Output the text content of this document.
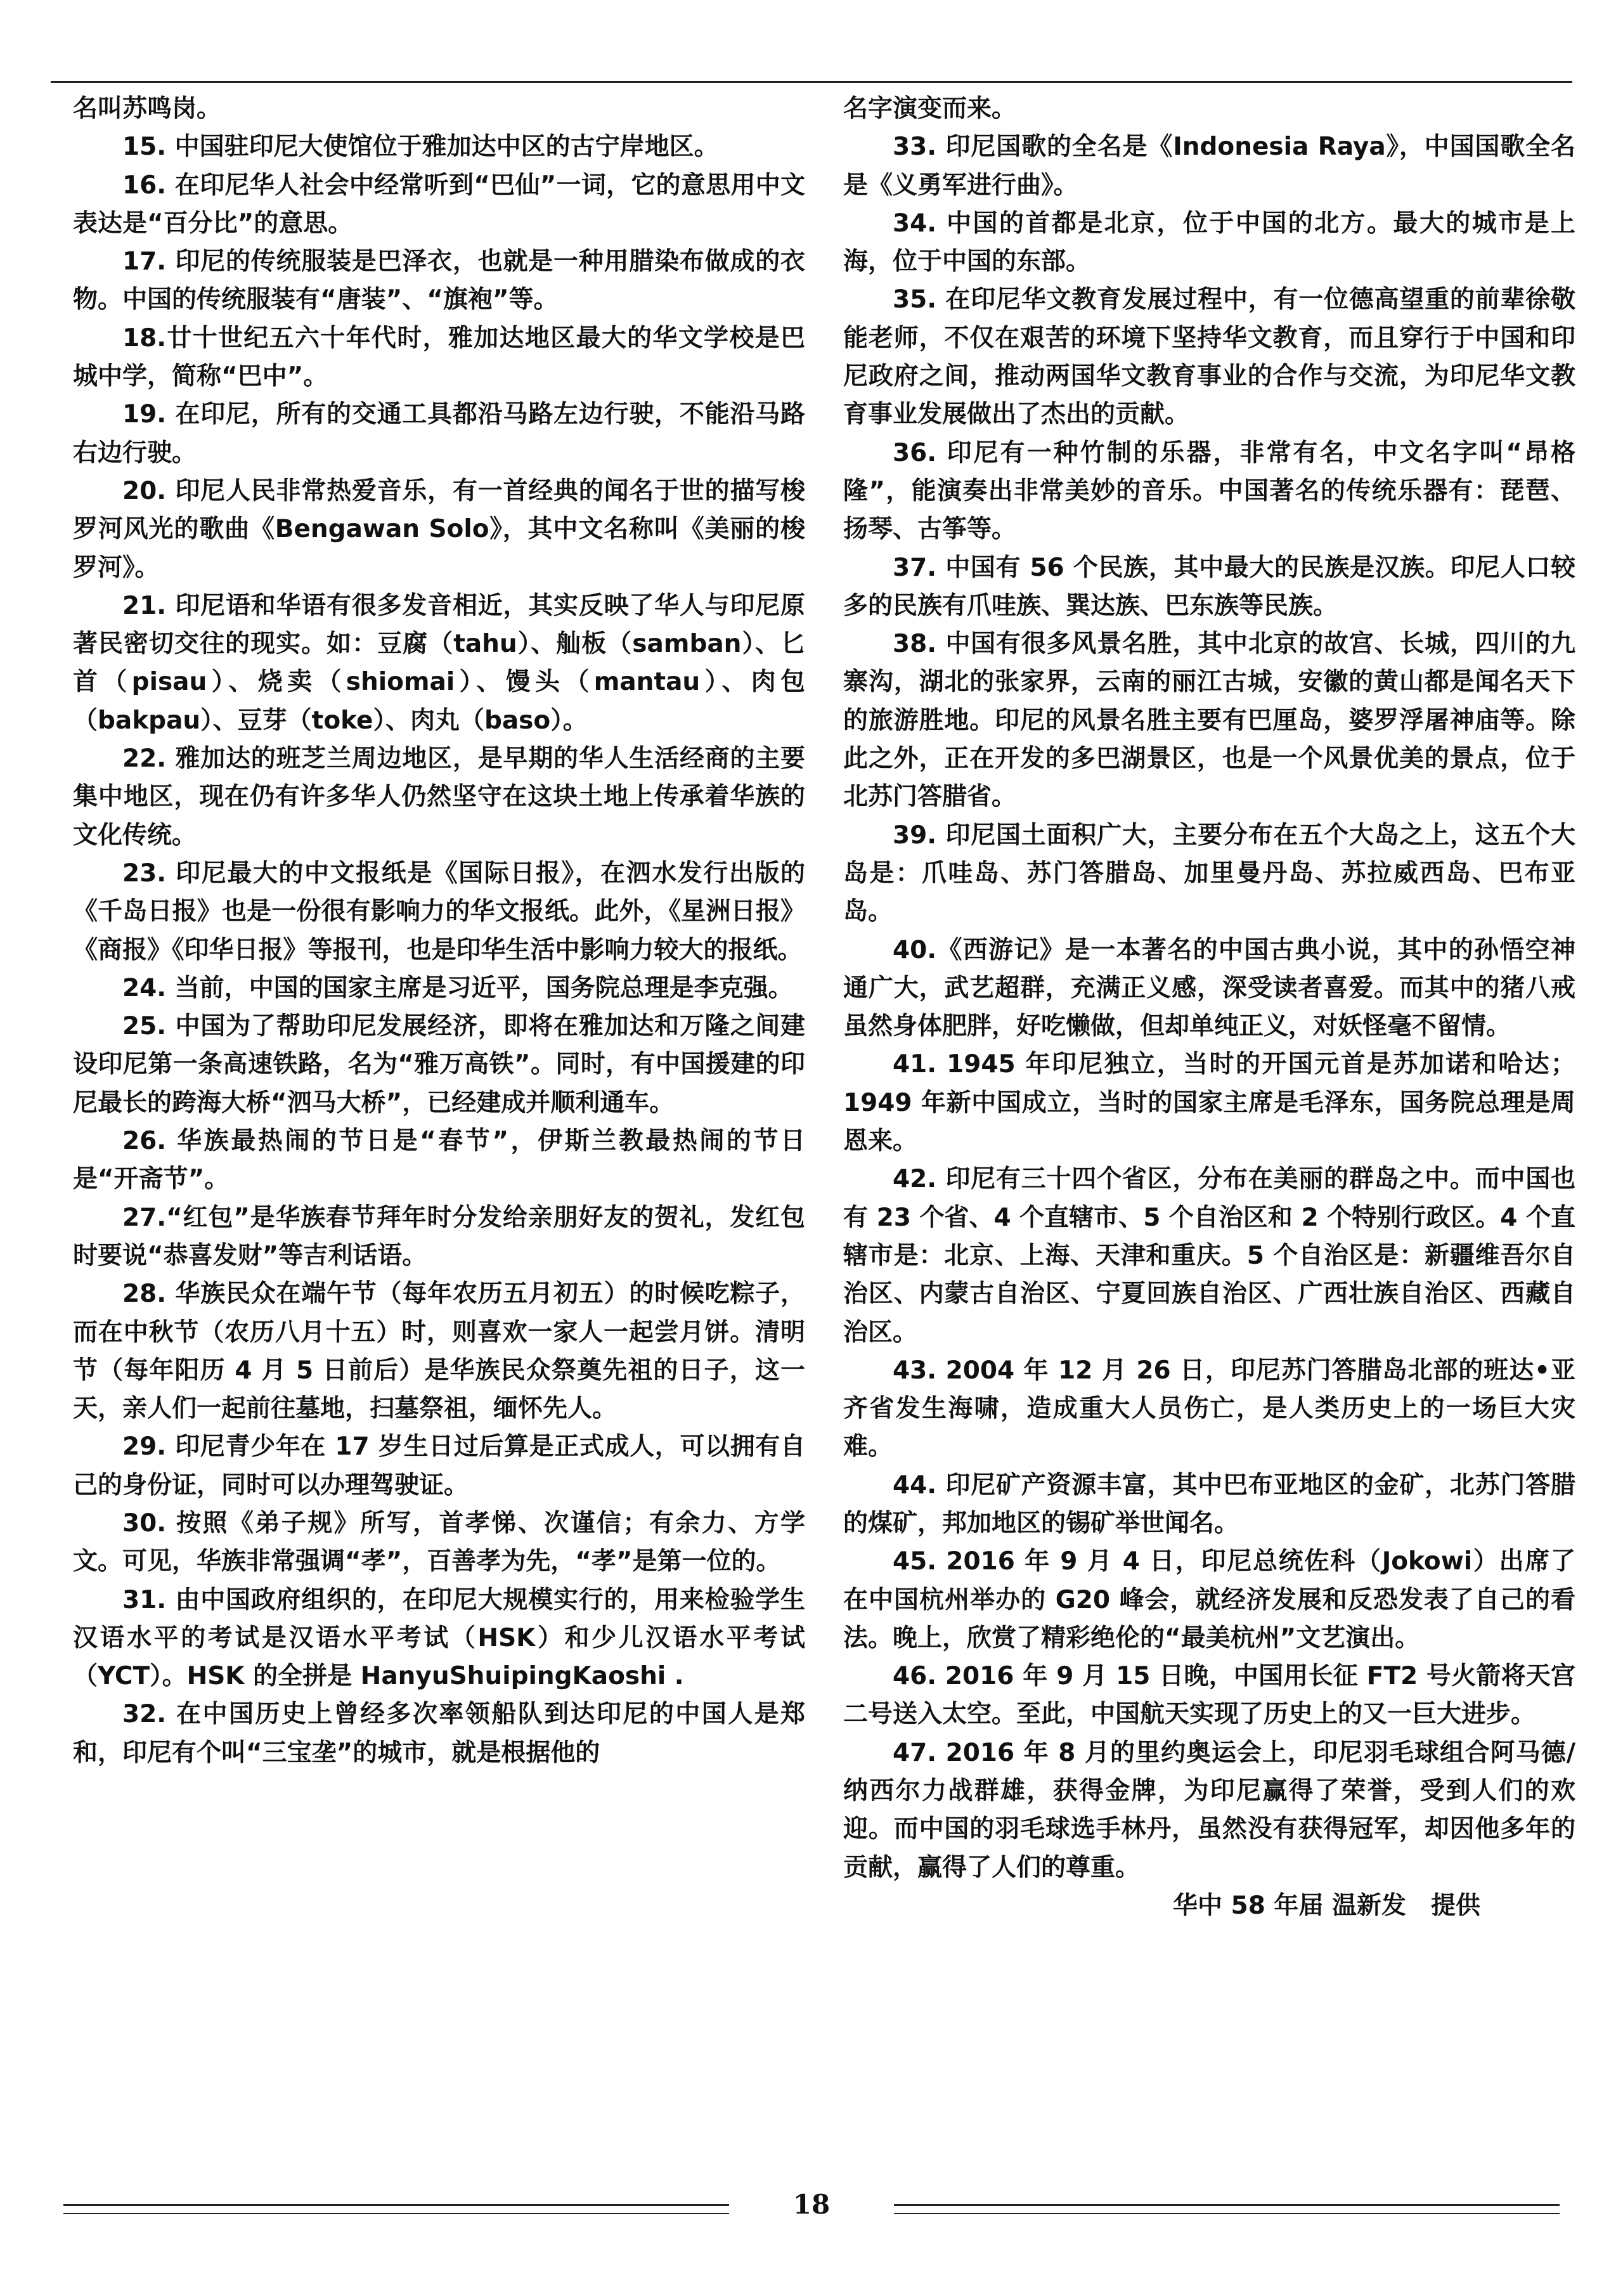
名叫苏鸣岗。

15. 中国驻印尼大使馆位于雅加达中区的古宁岸地区。

16. 在印尼华人社会中经常听到“巴仙”一词，它的意思用中文表达是“百分比”的意思。

17. 印尼的传统服装是巴泽衣，也就是一种用腊染布做成的衣物。中国的传统服装有“唐装”、“旗袍”等。

18.廿十世纪五六十年代时，雅加达地区最大的华文学校是巴城中学，简称“巴中”。

19. 在印尼，所有的交通工具都沿马路左边行驶，不能沿马路右边行驶。

20. 印尼人民非常热爱音乐，有一首经典的闻名于世的描写梭罗河风光的歌曲《Bengawan Solo》，其中文名称叫《美丽的梭罗河》。

21. 印尼语和华语有很多发音相近，其实反映了华人与印尼原著民密切交往的现实。如：豆腐（tahu）、舢板（samban）、匕首（pisau）、烧卖（shiomai）、馒头（mantau）、肉包（bakpau）、豆芽（toke）、肉丸（baso）。

22. 雅加达的班芝兰周边地区，是早期的华人生活经商的主要集中地区，现在仍有许多华人仍然坚守在这块土地上传承着华族的文化传统。

23. 印尼最大的中文报纸是《国际日报》，在泗水发行出版的《千岛日报》也是一份很有影响力的华文报纸。此外，《星洲日报》《商报》《印华日报》等报刊，也是印华生活中影响力较大的报纸。

24. 当前，中国的国家主席是习近平，国务院总理是李克强。

25. 中国为了帮助印尼发展经济，即将在雅加达和万隆之间建设印尼第一条高速铁路，名为“雅万高铁”。同时，有中国援建的印尼最长的跨海大桥“泗马大桥”，已经建成并顺利通车。

26. 华族最热闹的节日是“春节”，伊斯兰教最热闹的节日是“开斋节”。

27.“红包”是华族春节拜年时分发给亲朋好友的贺礼，发红包时要说“恭喜发财”等吉利话语。

28. 华族民众在端午节（每年农历五月初五）的时候吃粽子，而在中秋节（农历八月十五）时，则喜欢一家人一起尝月饼。清明节（每年阳历 4 月 5 日前后）是华族民众祭奠先祖的日子，这一天，亲人们一起前往墓地，扫墓祭祖，缅怀先人。

29. 印尼青少年在 17 岁生日过后算是正式成人，可以拥有自己的身份证，同时可以办理驾驶证。

30. 按照《弟子规》所写，首孝悌、次谨信；有余力、方学文。可见，华族非常强调“孝”，百善孝为先，“孝”是第一位的。

31. 由中国政府组织的，在印尼大规模实行的，用来检验学生汉语水平的考试是汉语水平考试（HSK）和少儿汉语水平考试（YCT）。HSK 的全拼是 HanyuShuipingKaoshi .

32. 在中国历史上曾经多次率领船队到达印尼的中国人是郑和，印尼有个叫“三宝垄”的城市，就是根据他的

名字演变而来。

33. 印尼国歌的全名是《Indonesia Raya》，中国国歌全名是《义勇军进行曲》。

34. 中国的首都是北京，位于中国的北方。最大的城市是上海，位于中国的东部。

35. 在印尼华文教育发展过程中，有一位德高望重的前辈徐敬能老师，不仅在艰苦的环境下坚持华文教育，而且穿行于中国和印尼政府之间，推动两国华文教育事业的合作与交流，为印尼华文教育事业发展做出了杰出的贡献。

36. 印尼有一种竹制的乐器，非常有名，中文名字叫“昂格隆”，能演奏出非常美妙的音乐。中国著名的传统乐器有：琵琶、扬琴、古筝等。

37. 中国有 56 个民族，其中最大的民族是汉族。印尼人口较多的民族有爪哇族、巽达族、巴东族等民族。

38. 中国有很多风景名胜，其中北京的故宫、长城，四川的九寨沟，湖北的张家界，云南的丽江古城，安徽的黄山都是闻名天下的旅游胜地。印尼的风景名胜主要有巴厘岛，婆罗浮屠神庙等。除此之外，正在开发的多巴湖景区，也是一个风景优美的景点，位于北苏门答腊省。

39. 印尼国土面积广大，主要分布在五个大岛之上，这五个大岛是：爪哇岛、苏门答腊岛、加里曼丹岛、苏拉威西岛、巴布亚岛。

40.《西游记》是一本著名的中国古典小说，其中的孙悟空神通广大，武艺超群，充满正义感，深受读者喜爱。而其中的猪八戒虽然身体肥胖，好吃懒做，但却单纯正义，对妖怪毫不留情。

41. 1945 年印尼独立，当时的开国元首是苏加诺和哈达；1949 年新中国成立，当时的国家主席是毛泽东，国务院总理是周恩来。

42. 印尼有三十四个省区，分布在美丽的群岛之中。而中国也有 23 个省、4 个直辖市、5 个自治区和 2 个特别行政区。4 个直辖市是：北京、上海、天津和重庆。5 个自治区是：新疆维吾尔自治区、内蒙古自治区、宁夏回族自治区、广西壮族自治区、西藏自治区。

43. 2004 年 12 月 26 日，印尼苏门答腊岛北部的班达•亚齐省发生海啸，造成重大人员伤亡，是人类历史上的一场巨大灾难。

44. 印尼矿产资源丰富，其中巴布亚地区的金矿，北苏门答腊的煤矿，邦加地区的锡矿举世闻名。

45. 2016 年 9 月 4 日，印尼总统佐科（Jokowi）出席了在中国杭州举办的 G20 峰会，就经济发展和反恐发表了自己的看法。晚上，欣赏了精彩绝伦的“最美杭州”文艺演出。

46. 2016 年 9 月 15 日晚，中国用长征 FT2 号火箭将天宫二号送入太空。至此，中国航天实现了历史上的又一巨大进步。

47. 2016 年 8 月的里约奥运会上，印尼羽毛球组合阿马德/纳西尔力战群雄，获得金牌，为印尼赢得了荣誉，受到人们的欢迎。而中国的羽毛球选手林丹，虽然没有获得冠军，却因他多年的贡献，赢得了人们的尊重。

华中 58 年届 温新发　提供

18
